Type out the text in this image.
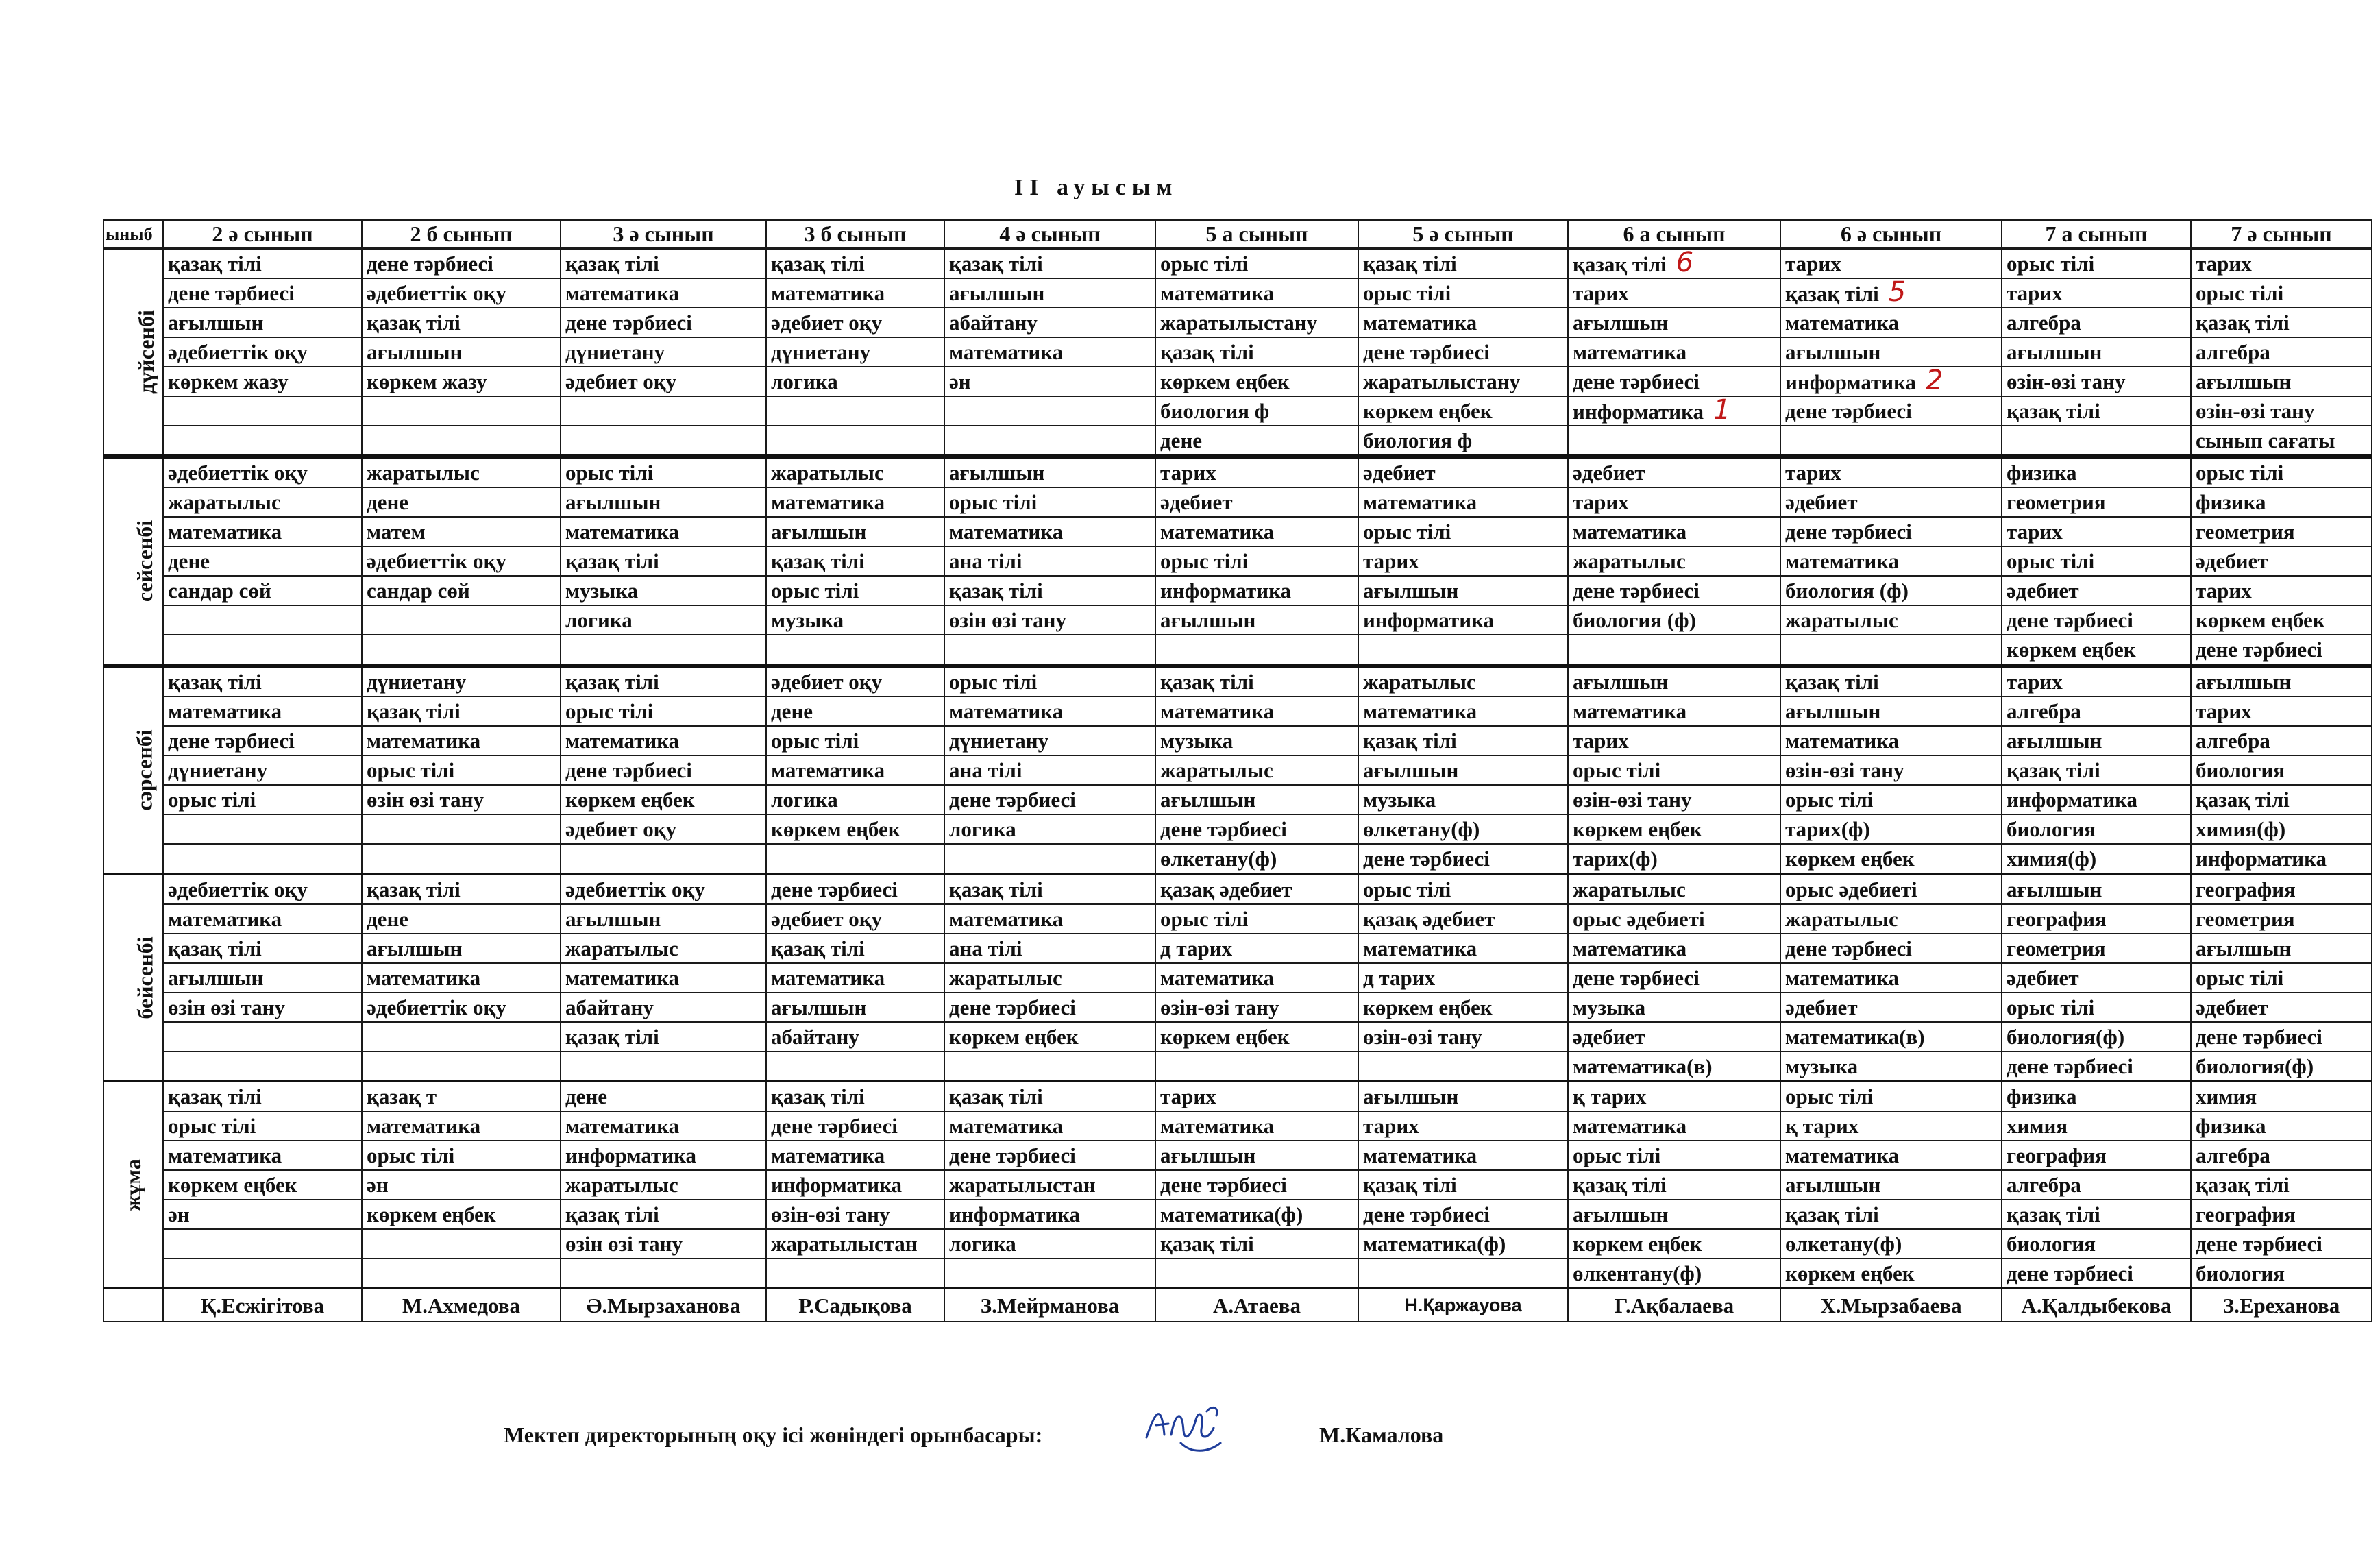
II ауысым
ыныб	2 ә сынып	2 б сынып	3 ә сынып	3 б сынып	4 ә сынып	5 а сынып	5 ә сынып	6 а сынып	6 ә сынып	7 а сынып	7 ә сынып
дүйсенбі	қазақ тілі	дене тәрбиесі	қазақ тілі	қазақ тілі	қазақ тілі	орыс тілі	қазақ тілі	қазақ тілі 6	тарих	орыс тілі	тарих
	дене тәрбиесі	әдебиеттік оқу	математика	математика	ағылшын	математика	орыс тілі	тарих	қазақ тілі 5	тарих	орыс тілі
	ағылшын	қазақ тілі	дене тәрбиесі	әдебиет оқу	абайтану	жаратылыстану	математика	ағылшын	математика	алгебра	қазақ тілі
	әдебиеттік оқу	ағылшын	дүниетану	дүниетану	математика	қазақ тілі	дене тәрбиесі	математика	ағылшын	ағылшын	алгебра
	көркем жазу	көркем жазу	әдебиет оқу	логика	ән	көркем еңбек	жаратылыстану	дене тәрбиесі	информатика 2	өзін-өзі тану	ағылшын
						биология ф	көркем еңбек	информатика 1	дене тәрбиесі	қазақ тілі	өзін-өзі тану
						дене	биология ф				сынып сағаты
сейсенбі	әдебиеттік оқу	жаратылыс	орыс тілі	жаратылыс	ағылшын	тарих	әдебиет	әдебиет	тарих	физика	орыс тілі
	жаратылыс	дене	ағылшын	математика	орыс тілі	әдебиет	математика	тарих	әдебиет	геометрия	физика
	математика	матем	математика	ағылшын	математика	математика	орыс тілі	математика	дене тәрбиесі	тарих	геометрия
	дене	әдебиеттік оқу	қазақ тілі	қазақ тілі	ана тілі	орыс тілі	тарих	жаратылыс	математика	орыс тілі	әдебиет
	сандар сөй	сандар сөй	музыка	орыс тілі	қазақ тілі	информатика	ағылшын	дене тәрбиесі	биология (ф)	әдебиет	тарих
			логика	музыка	өзін өзі тану	ағылшын	информатика	биология (ф)	жаратылыс	дене тәрбиесі	көркем еңбек
										көркем еңбек	дене тәрбиесі
сәрсенбі	қазақ тілі	дүниетану	қазақ тілі	әдебиет оқу	орыс тілі	қазақ тілі	жаратылыс	ағылшын	қазақ тілі	тарих	ағылшын
	математика	қазақ тілі	орыс тілі	дене	математика	математика	математика	математика	ағылшын	алгебра	тарих
	дене тәрбиесі	математика	математика	орыс тілі	дүниетану	музыка	қазақ тілі	тарих	математика	ағылшын	алгебра
	дүниетану	орыс тілі	дене тәрбиесі	математика	ана тілі	жаратылыс	ағылшын	орыс тілі	өзін-өзі тану	қазақ тілі	биология
	орыс тілі	өзін өзі тану	көркем еңбек	логика	дене тәрбиесі	ағылшын	музыка	өзін-өзі тану	орыс тілі	информатика	қазақ тілі
			әдебиет оқу	көркем еңбек	логика	дене тәрбиесі	өлкетану(ф)	көркем еңбек	тарих(ф)	биология	химия(ф)
						өлкетану(ф)	дене тәрбиесі	тарих(ф)	көркем еңбек	химия(ф)	информатика
бейсенбі	әдебиеттік оқу	қазақ тілі	әдебиеттік оқу	дене тәрбиесі	қазақ тілі	қазақ әдебиет	орыс тілі	жаратылыс	орыс әдебиеті	ағылшын	география
	математика	дене	ағылшын	әдебиет оқу	математика	орыс тілі	қазақ әдебиет	орыс әдебиеті	жаратылыс	география	геометрия
	қазақ тілі	ағылшын	жаратылыс	қазақ тілі	ана тілі	д тарих	математика	математика	дене тәрбиесі	геометрия	ағылшын
	ағылшын	математика	математика	математика	жаратылыс	математика	д тарих	дене тәрбиесі	математика	әдебиет	орыс тілі
	өзін өзі тану	әдебиеттік оқу	абайтану	ағылшын	дене тәрбиесі	өзін-өзі тану	көркем еңбек	музыка	әдебиет	орыс тілі	әдебиет
			қазақ тілі	абайтану	көркем еңбек	көркем еңбек	өзін-өзі тану	әдебиет	математика(в)	биология(ф)	дене тәрбиесі
								математика(в)	музыка	дене тәрбиесі	биология(ф)
жұма	қазақ тілі	қазақ т	дене	қазақ тілі	қазақ тілі	тарих	ағылшын	қ тарих	орыс тілі	физика	химия
	орыс тілі	математика	математика	дене тәрбиесі	математика	математика	тарих	математика	қ тарих	химия	физика
	математика	орыс тілі	информатика	математика	дене тәрбиесі	ағылшын	математика	орыс тілі	математика	география	алгебра
	көркем еңбек	ән	жаратылыс	информатика	жаратылыстан	дене тәрбиесі	қазақ тілі	қазақ тілі	ағылшын	алгебра	қазақ тілі
	ән	көркем еңбек	қазақ тілі	өзін-өзі тану	информатика	математика(ф)	дене тәрбиесі	ағылшын	қазақ тілі	қазақ тілі	география
			өзін өзі тану	жаратылыстан	логика	қазақ тілі	математика(ф)	көркем еңбек	өлкетану(ф)	биология	дене тәрбиесі
								өлкентану(ф)	көркем еңбек	дене тәрбиесі	биология
	Қ.Есжігітова	М.Ахмедова	Ә.Мырзаханова	Р.Садықова	З.Мейрманова	А.Атаева	Н.Қаржауова	Г.Ақбалаева	Х.Мырзабаева	А.Қалдыбекова	З.Ереханова
Мектеп директорының оқу ісі жөніндегі орынбасары:	М.Камалова
